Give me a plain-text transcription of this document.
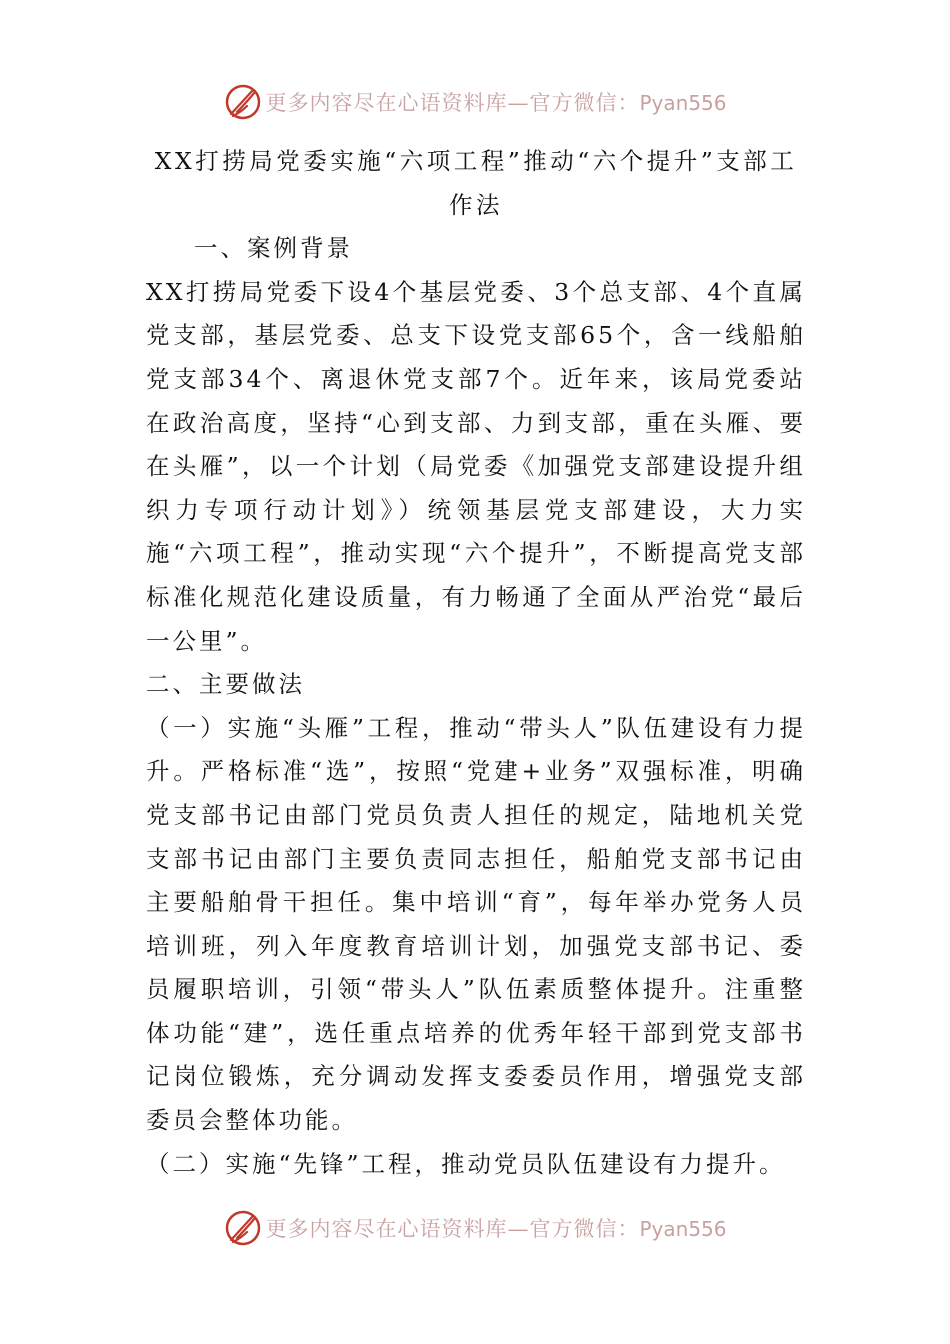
更多内容尽在心语资料库—官方微信：Pyan556

XX打捞局党委实施“六项工程”推动“六个提升”支部工作法

一、案例背景

XX打捞局党委下设4个基层党委、3个总支部、4个直属党支部，基层党委、总支下设党支部65个，含一线船舶党支部34个、离退休党支部7个。近年来，该局党委站在政治高度，坚持“心到支部、力到支部，重在头雁、要在头雁”，以一个计划（局党委《加强党支部建设提升组织力专项行动计划》）统领基层党支部建设，大力实施“六项工程”，推动实现“六个提升”，不断提高党支部标准化规范化建设质量，有力畅通了全面从严治党“最后一公里”。

二、主要做法

（一）实施“头雁”工程，推动“带头人”队伍建设有力提升。严格标准“选”，按照“党建+业务”双强标准，明确党支部书记由部门党员负责人担任的规定，陆地机关党支部书记由部门主要负责同志担任，船舶党支部书记由主要船舶骨干担任。集中培训“育”，每年举办党务人员培训班，列入年度教育培训计划，加强党支部书记、委员履职培训，引领“带头人”队伍素质整体提升。注重整体功能“建”，选任重点培养的优秀年轻干部到党支部书记岗位锻炼，充分调动发挥支委委员作用，增强党支部委员会整体功能。

（二）实施“先锋”工程，推动党员队伍建设有力提升。

更多内容尽在心语资料库—官方微信：Pyan556
